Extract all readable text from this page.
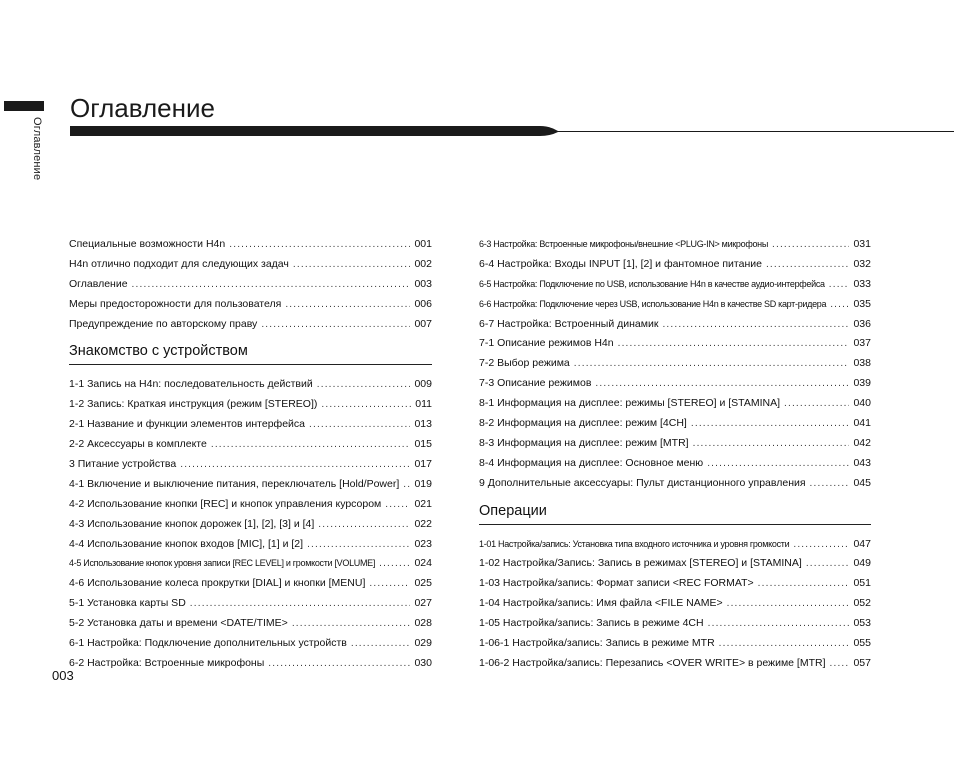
Оглавление
Оглавление
Специальные возможности H4n .....	001
H4n отлично подходит для следующих задач .....	002
Оглавление .....	003
Меры предосторожности для пользователя .....	006
Предупреждение по авторскому праву .....	007
Знакомство с устройством
1-1 Запись на H4n: последовательность действий .....	009
1-2 Запись: Краткая инструкция (режим [STEREO]) .....	011
2-1 Название и функции элементов интерфейса .....	013
2-2 Аксессуары в комплекте .....	015
3 Питание устройства .....	017
4-1 Включение и выключение питания, переключатель [Hold/Power] ..... 019
4-2 Использование кнопки [REC] и кнопок управления курсором .....	021
4-3 Использование кнопок дорожек [1], [2], [3] и [4] .....	022
4-4 Использование кнопок входов [MIC], [1] и [2] .....	023
4-5 Использование кнопок уровня записи [REC LEVEL] и громкости [VOLUME] .....	024
4-6 Использование колеса прокрутки [DIAL] и кнопки [MENU] .....	025
5-1 Установка карты SD .....	027
5-2 Установка даты и времени <DATE/TIME> .....	028
6-1 Настройка: Подключение дополнительных устройств .....	029
6-2 Настройка: Встроенные микрофоны .....	030
6-3 Настройка: Встроенные микрофоны/внешние <PLUG-IN> микрофоны .....	031
6-4 Настройка: Входы INPUT [1], [2] и фантомное питание .....	032
6-5 Настройка: Подключение по USB, использование H4n в качестве аудио-интерфейса .....	033
6-6 Настройка: Подключение через USB, использование H4n в качестве SD карт-ридера .....	035
6-7 Настройка: Встроенный динамик .....	036
7-1 Описание режимов H4n .....	037
7-2 Выбор режима .....	038
7-3 Описание режимов .....	039
8-1 Информация на дисплее: режимы [STEREO] и [STAMINA] .....	040
8-2 Информация на дисплее: режим [4CH] .....	041
8-3 Информация на дисплее: режим [MTR] .....	042
8-4 Информация на дисплее: Основное меню .....	043
9 Дополнительные аксессуары: Пульт дистанционного управления .....	045
Операции
1-01 Настройка/запись: Установка типа входного источника и уровня громкости .....	047
1-02 Настройка/Запись: Запись в режимах [STEREO] и [STAMINA] .....	049
1-03 Настройка/запись: Формат записи <REC FORMAT> .....	051
1-04 Настройка/запись: Имя файла <FILE NAME> .....	052
1-05 Настройка/запись: Запись в режиме 4CH .....	053
1-06-1 Настройка/запись: Запись в режиме MTR .....	055
1-06-2 Настройка/запись: Перезапись <OVER WRITE> в режиме [MTR] .....	057
003
